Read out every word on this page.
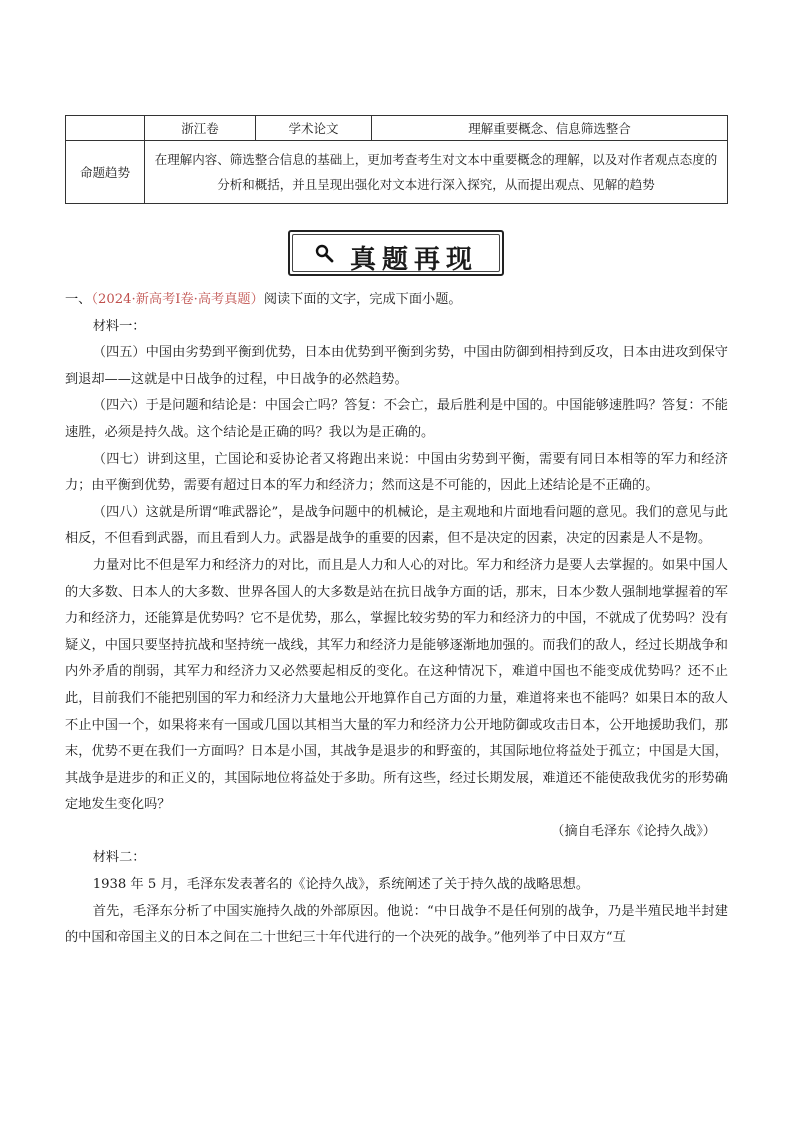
	浙江卷	学术论文	理解重要概念、信息筛选整合
命题趋势	在理解内容、筛选整合信息的基础上，更加考查考生对文本中重要概念的理解，以及对作者观点态度的分析和概括，并且呈现出强化对文本进行深入探究，从而提出观点、见解的趋势		
真题再现

一、（2024·新高考Ⅰ卷·高考真题）阅读下面的文字，完成下面小题。

材料一：

（四五）中国由劣势到平衡到优势，日本由优势到平衡到劣势，中国由防御到相持到反攻，日本由进攻到保守到退却——这就是中日战争的过程，中日战争的必然趋势。

（四六）于是问题和结论是：中国会亡吗？答复：不会亡，最后胜利是中国的。中国能够速胜吗？答复：不能速胜，必须是持久战。这个结论是正确的吗？我以为是正确的。

（四七）讲到这里，亡国论和妥协论者又将跑出来说：中国由劣势到平衡，需要有同日本相等的军力和经济力；由平衡到优势，需要有超过日本的军力和经济力；然而这是不可能的，因此上述结论是不正确的。

（四八）这就是所谓“唯武器论”，是战争问题中的机械论，是主观地和片面地看问题的意见。我们的意见与此相反，不但看到武器，而且看到人力。武器是战争的重要的因素，但不是决定的因素，决定的因素是人不是物。

力量对比不但是军力和经济力的对比，而且是人力和人心的对比。军力和经济力是要人去掌握的。如果中国人的大多数、日本人的大多数、世界各国人的大多数是站在抗日战争方面的话，那末，日本少数人强制地掌握着的军力和经济力，还能算是优势吗？它不是优势，那么，掌握比较劣势的军力和经济力的中国，不就成了优势吗？没有疑义，中国只要坚持抗战和坚持统一战线，其军力和经济力是能够逐渐地加强的。而我们的敌人，经过长期战争和内外矛盾的削弱，其军力和经济力又必然要起相反的变化。在这种情况下，难道中国也不能变成优势吗？还不止此，目前我们不能把别国的军力和经济力大量地公开地算作自己方面的力量，难道将来也不能吗？如果日本的敌人不止中国一个，如果将来有一国或几国以其相当大量的军力和经济力公开地防御或攻击日本，公开地援助我们，那末，优势不更在我们一方面吗？日本是小国，其战争是退步的和野蛮的，其国际地位将益处于孤立；中国是大国，其战争是进步的和正义的，其国际地位将益处于多助。所有这些，经过长期发展，难道还不能使敌我优劣的形势确定地发生变化吗？

（摘自毛泽东《论持久战》）

材料二：

1938 年 5 月，毛泽东发表著名的《论持久战》，系统阐述了关于持久战的战略思想。

首先，毛泽东分析了中国实施持久战的外部原因。他说：“中日战争不是任何别的战争，乃是半殖民地半封建的中国和帝国主义的日本之间在二十世纪三十年代进行的一个决死的战争。”他列举了中日双方“互
